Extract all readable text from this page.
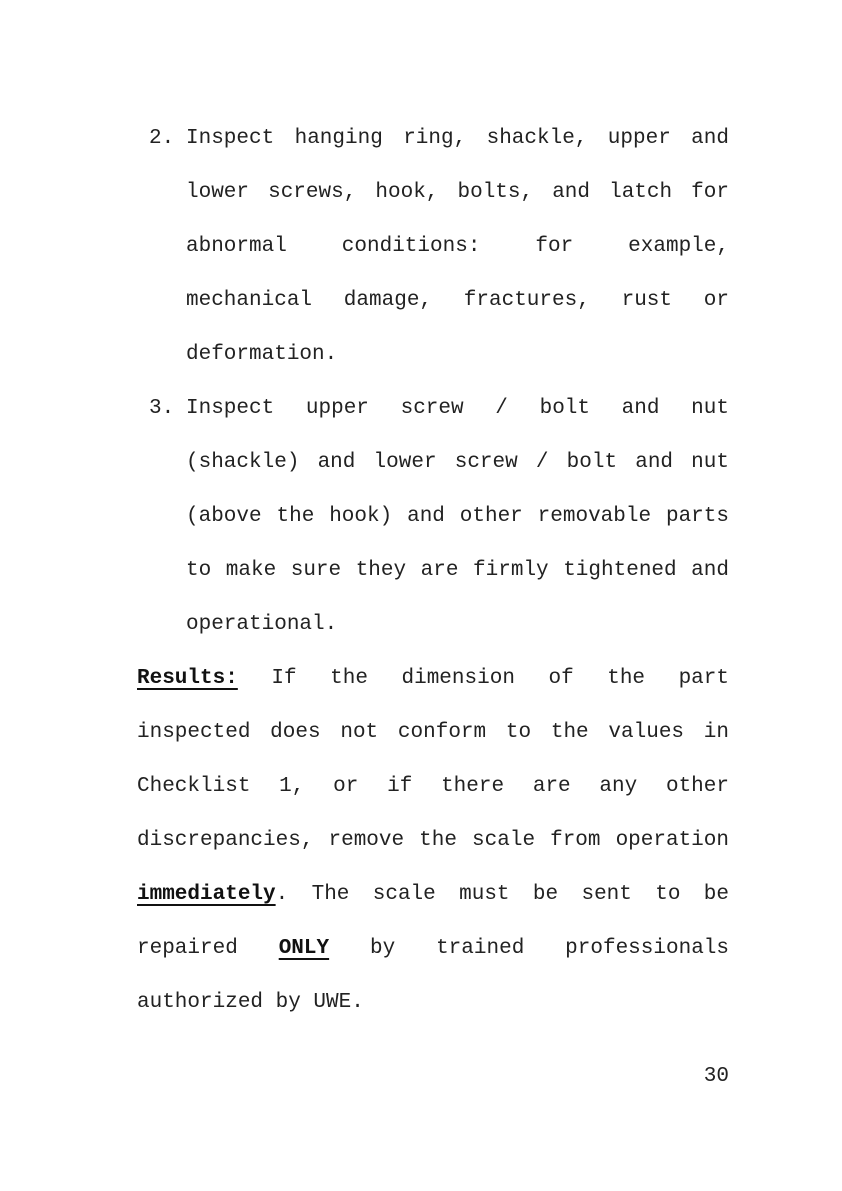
2. Inspect hanging ring, shackle, upper and lower screws, hook, bolts, and latch for abnormal conditions: for example, mechanical damage, fractures, rust or deformation.
3. Inspect upper screw / bolt and nut (shackle) and lower screw / bolt and nut (above the hook) and other removable parts to make sure they are firmly tightened and operational.

Results: If the dimension of the part inspected does not conform to the values in Checklist 1, or if there are any other discrepancies, remove the scale from operation immediately. The scale must be sent to be repaired ONLY by trained professionals authorized by UWE.

30
